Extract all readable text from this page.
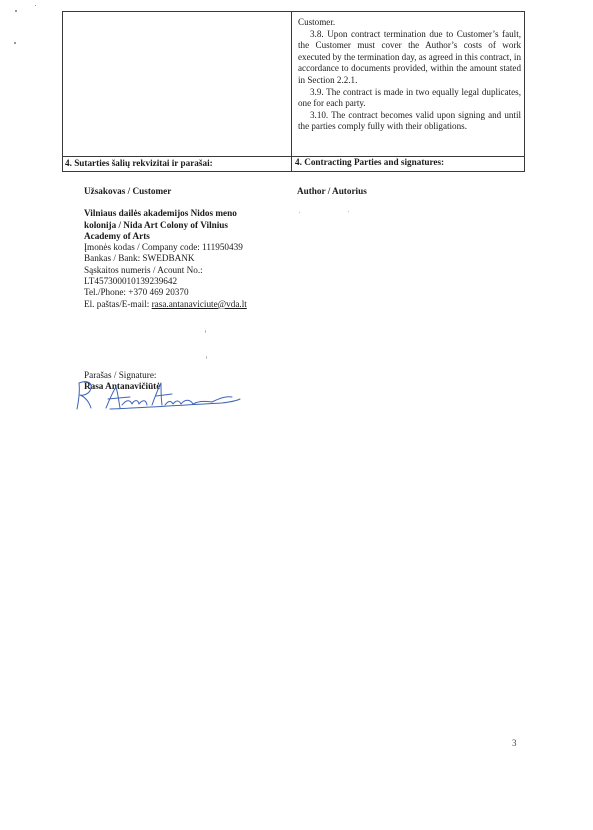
Customer.

3.8. Upon contract termination due to Customer’s fault, the Customer must cover the Author’s costs of work executed by the termination day, as agreed in this contract, in accordance to documents provided, within the amount stated in Section 2.2.1.

3.9. The contract is made in two equally legal duplicates, one for each party.

3.10. The contract becomes valid upon signing and until the parties comply fully with their obligations.

4. Sutarties šalių rekvizitai ir parašai:	4. Contracting Parties and signatures:

Užsakovas / Customer

Vilniaus dailės akademijos Nidos meno

kolonija / Nida Art Colony of Vilnius

Academy of Arts

Įmonės kodas / Company code: 111950439

Bankas / Bank: SWEDBANK

Sąskaitos numeris / Acount No.:

LT457300010139239642

Tel./Phone: +370 469 20370

El. paštas/E-mail: rasa.antanaviciute@vda.lt

Author / Autorius

Parašas / Signature:

Rasa Antanavičiūtė

3
